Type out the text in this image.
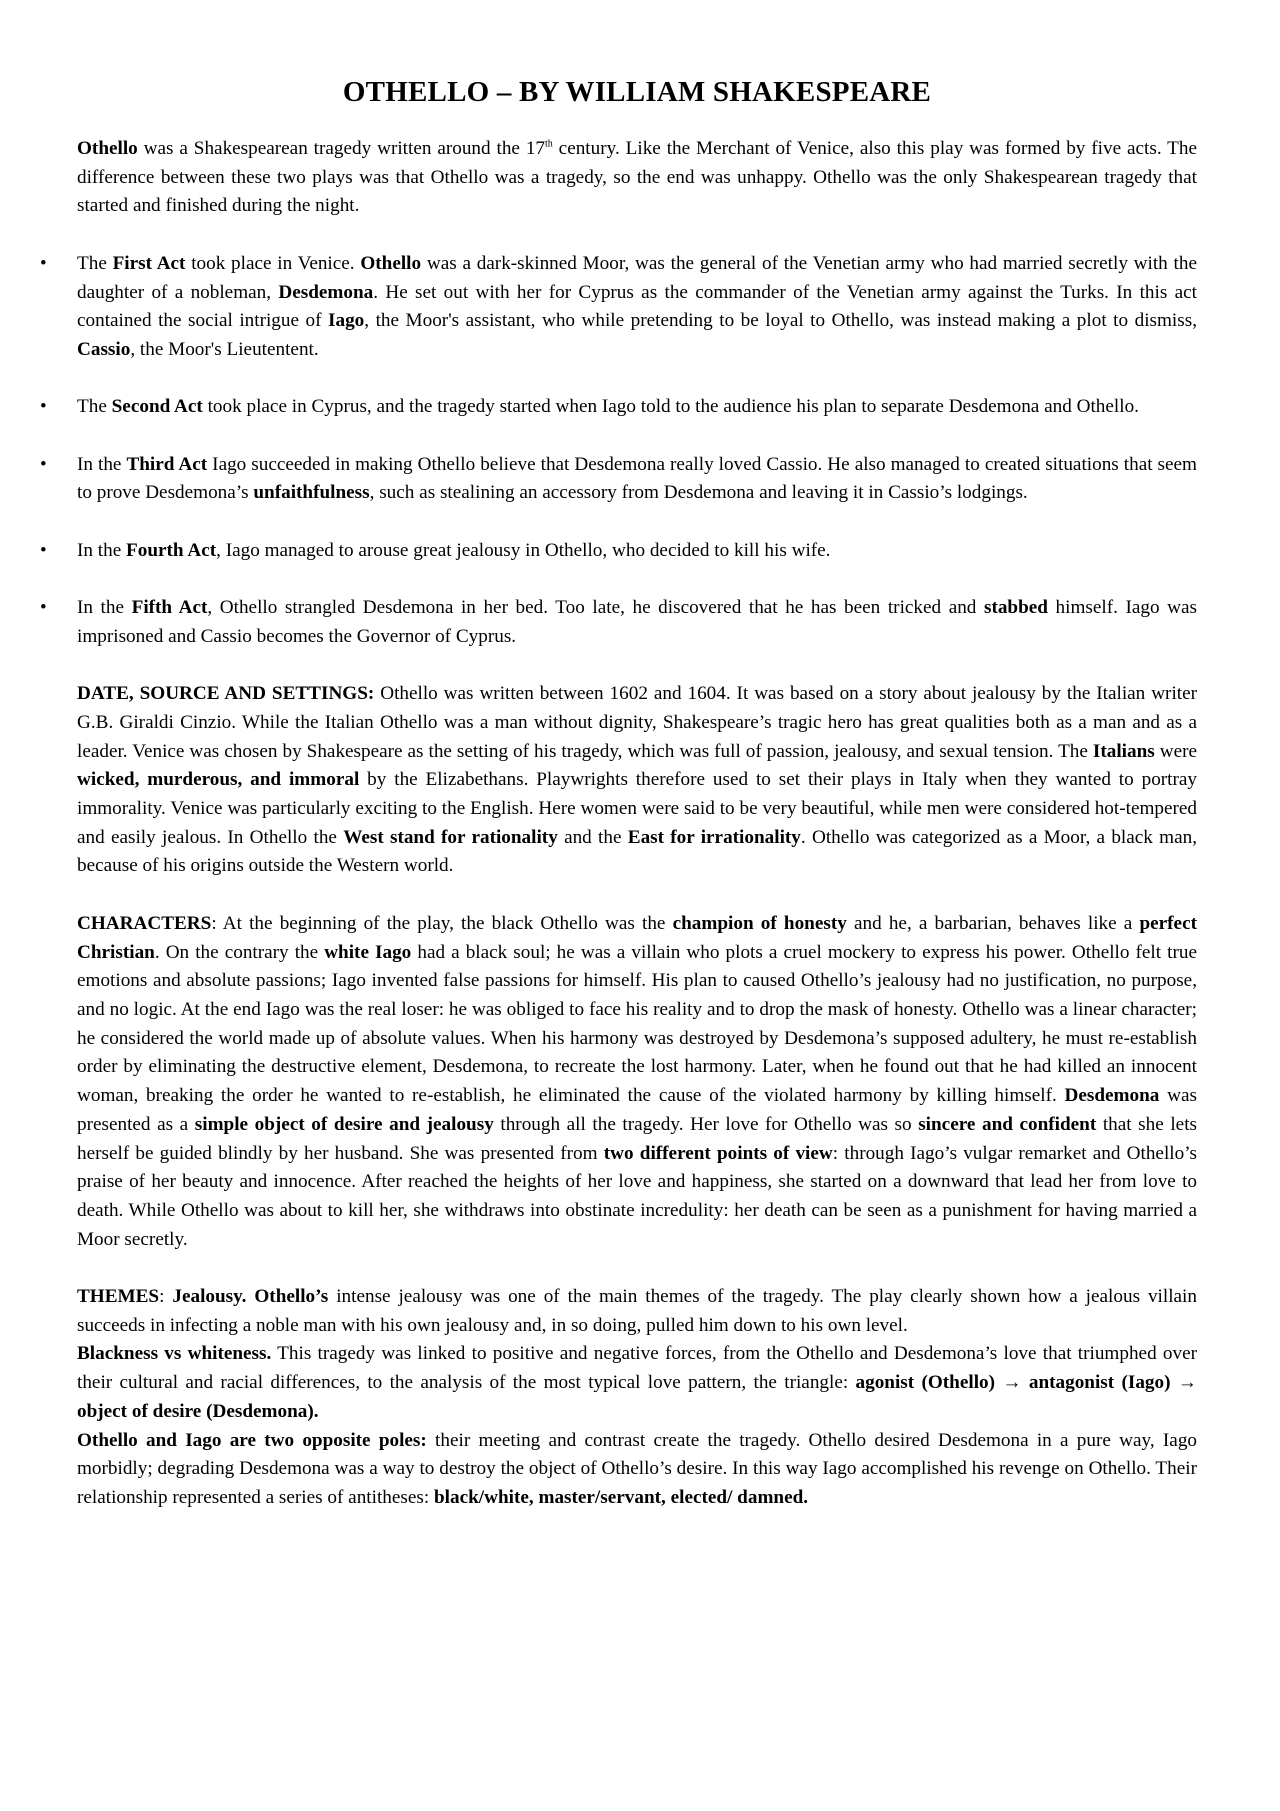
OTHELLO – BY WILLIAM SHAKESPEARE

Othello was a Shakespearean tragedy written around the 17th century. Like the Merchant of Venice, also this play was formed by five acts. The difference between these two plays was that Othello was a tragedy, so the end was unhappy. Othello was the only Shakespearean tragedy that started and finished during the night.

• The First Act took place in Venice. Othello was a dark-skinned Moor, was the general of the Venetian army who had married secretly with the daughter of a nobleman, Desdemona. He set out with her for Cyprus as the commander of the Venetian army against the Turks. In this act contained the social intrigue of Iago, the Moor's assistant, who while pretending to be loyal to Othello, was instead making a plot to dismiss, Cassio, the Moor's Lieutentent.
• The Second Act took place in Cyprus, and the tragedy started when Iago told to the audience his plan to separate Desdemona and Othello.
• In the Third Act Iago succeeded in making Othello believe that Desdemona really loved Cassio. He also managed to created situations that seem to prove Desdemona’s unfaithfulness, such as stealining an accessory from Desdemona and leaving it in Cassio’s lodgings.
• In the Fourth Act, Iago managed to arouse great jealousy in Othello, who decided to kill his wife.
• In the Fifth Act, Othello strangled Desdemona in her bed. Too late, he discovered that he has been tricked and stabbed himself. Iago was imprisoned and Cassio becomes the Governor of Cyprus.

DATE, SOURCE AND SETTINGS: Othello was written between 1602 and 1604. It was based on a story about jealousy by the Italian writer G.B. Giraldi Cinzio. While the Italian Othello was a man without dignity, Shakespeare’s tragic hero has great qualities both as a man and as a leader. Venice was chosen by Shakespeare as the setting of his tragedy, which was full of passion, jealousy, and sexual tension. The Italians were wicked, murderous, and immoral by the Elizabethans. Playwrights therefore used to set their plays in Italy when they wanted to portray immorality. Venice was particularly exciting to the English. Here women were said to be very beautiful, while men were considered hot-tempered and easily jealous. In Othello the West stand for rationality and the East for irrationality. Othello was categorized as a Moor, a black man, because of his origins outside the Western world.

CHARACTERS: At the beginning of the play, the black Othello was the champion of honesty and he, a barbarian, behaves like a perfect Christian. On the contrary the white Iago had a black soul; he was a villain who plots a cruel mockery to express his power. Othello felt true emotions and absolute passions; Iago invented false passions for himself. His plan to caused Othello’s jealousy had no justification, no purpose, and no logic. At the end Iago was the real loser: he was obliged to face his reality and to drop the mask of honesty. Othello was a linear character; he considered the world made up of absolute values. When his harmony was destroyed by Desdemona’s supposed adultery, he must re-establish order by eliminating the destructive element, Desdemona, to recreate the lost harmony. Later, when he found out that he had killed an innocent woman, breaking the order he wanted to re-establish, he eliminated the cause of the violated harmony by killing himself. Desdemona was presented as a simple object of desire and jealousy through all the tragedy. Her love for Othello was so sincere and confident that she lets herself be guided blindly by her husband. She was presented from two different points of view: through Iago’s vulgar remarket and Othello’s praise of her beauty and innocence. After reached the heights of her love and happiness, she started on a downward that lead her from love to death. While Othello was about to kill her, she withdraws into obstinate incredulity: her death can be seen as a punishment for having married a Moor secretly.

THEMES: Jealousy. Othello’s intense jealousy was one of the main themes of the tragedy. The play clearly shown how a jealous villain succeeds in infecting a noble man with his own jealousy and, in so doing, pulled him down to his own level.

Blackness vs whiteness. This tragedy was linked to positive and negative forces, from the Othello and Desdemona’s love that triumphed over their cultural and racial differences, to the analysis of the most typical love pattern, the triangle: agonist (Othello) → antagonist (Iago) → object of desire (Desdemona).

Othello and Iago are two opposite poles: their meeting and contrast create the tragedy. Othello desired Desdemona in a pure way, Iago morbidly; degrading Desdemona was a way to destroy the object of Othello’s desire. In this way Iago accomplished his revenge on Othello. Their relationship represented a series of antitheses: black/white, master/servant, elected/ damned.
